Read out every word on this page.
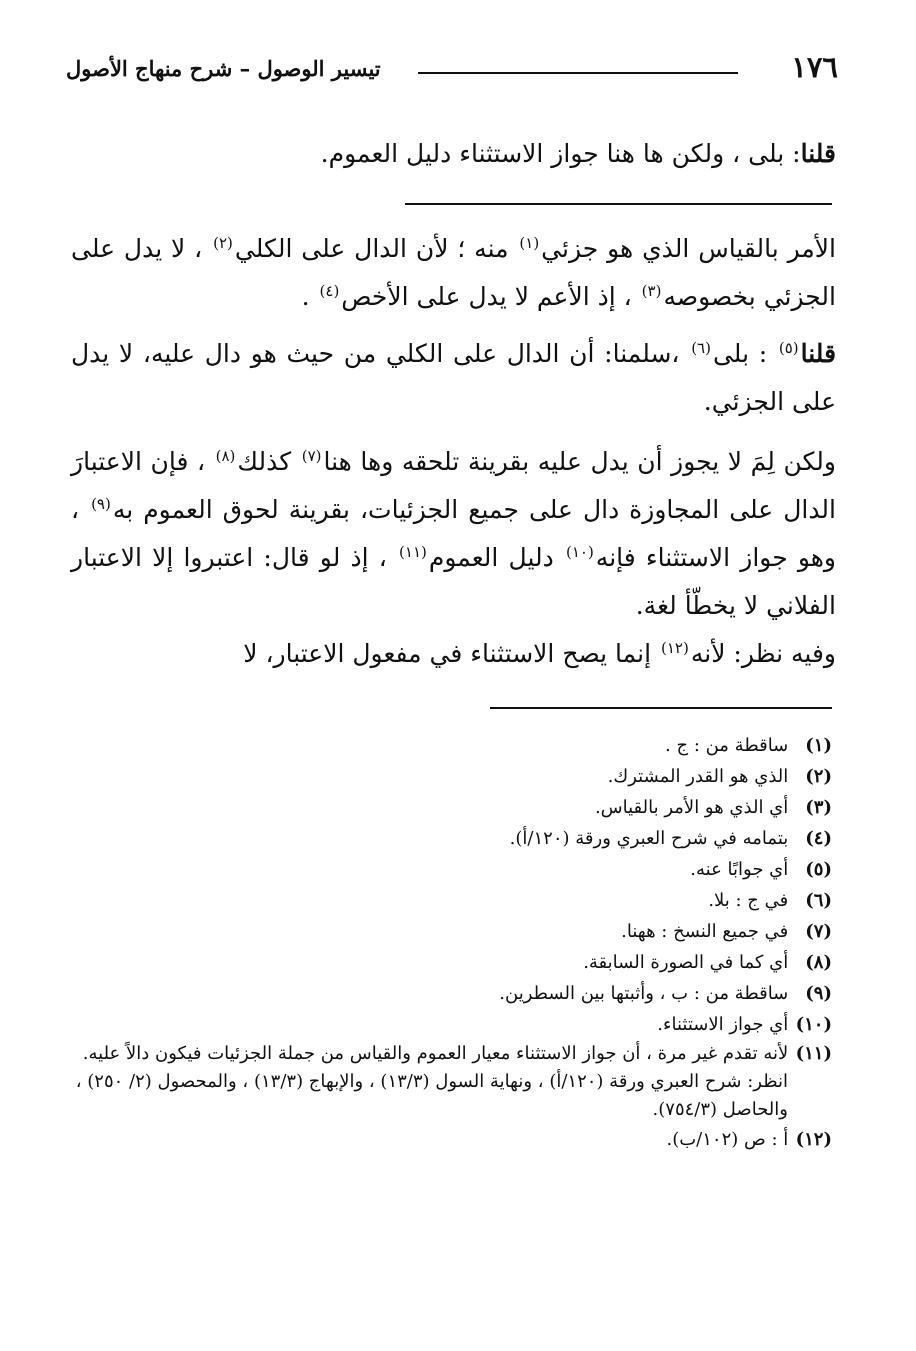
١٧٦
تيسير الوصول – شرح منهاج الأصول

قلنا: بلى ، ولكن ها هنا جواز الاستثناء دليل العموم.

الأمر بالقياس الذي هو جزئي$^{(١)}$ منه ؛ لأن الدال على الكلي$^{(٢)}$ ، لا يدل على الجزئي بخصوصه$^{(٣)}$ ، إذ الأعم لا يدل على الأخص$^{(٤)}$ .

قلنا$^{(٥)}$ : بلى$^{(٦)}$ ،سلمنا: أن الدال على الكلي من حيث هو دال عليه، لا يدل على الجزئي.

ولكن لِمَ لا يجوز أن يدل عليه بقرينة تلحقه وها هنا$^{(٧)}$ كذلك$^{(٨)}$ ، فإن الاعتبارَ الدال على المجاوزة دال على جميع الجزئيات، بقرينة لحوق العموم به$^{(٩)}$ ، وهو جواز الاستثناء فإنه$^{(١٠)}$ دليل العموم$^{(١١)}$ ، إذ لو قال: اعتبروا إلا الاعتبار الفلاني لا يخطّأ لغة.

وفيه نظر: لأنه$^{(١٢)}$ إنما يصح الاستثناء في مفعول الاعتبار، لا

(١) ساقطة من : ج .
(٢) الذي هو القدر المشترك.
(٣) أي الذي هو الأمر بالقياس.
(٤) بتمامه في شرح العبري ورقة (١٢٠/أ).
(٥) أي جوابًا عنه.
(٦) في ج : بلا.
(٧) في جميع النسخ : ههنا.
(٨) أي كما في الصورة السابقة.
(٩) ساقطة من : ب ، وأثبتها بين السطرين.
(١٠) أي جواز الاستثناء.
(١١) لأنه تقدم غير مرة ، أن جواز الاستثناء معيار العموم والقياس من جملة الجزئيات فيكون دالاً عليه.
انظر: شرح العبري ورقة (١٢٠/أ) ، ونهاية السول (١٣/٣) ، والإبهاج (١٣/٣) ، والمحصول (٢/ ٢٥٠) ، والحاصل (٧٥٤/٣).
(١٢) أ : ص (١٠٢/ب).
